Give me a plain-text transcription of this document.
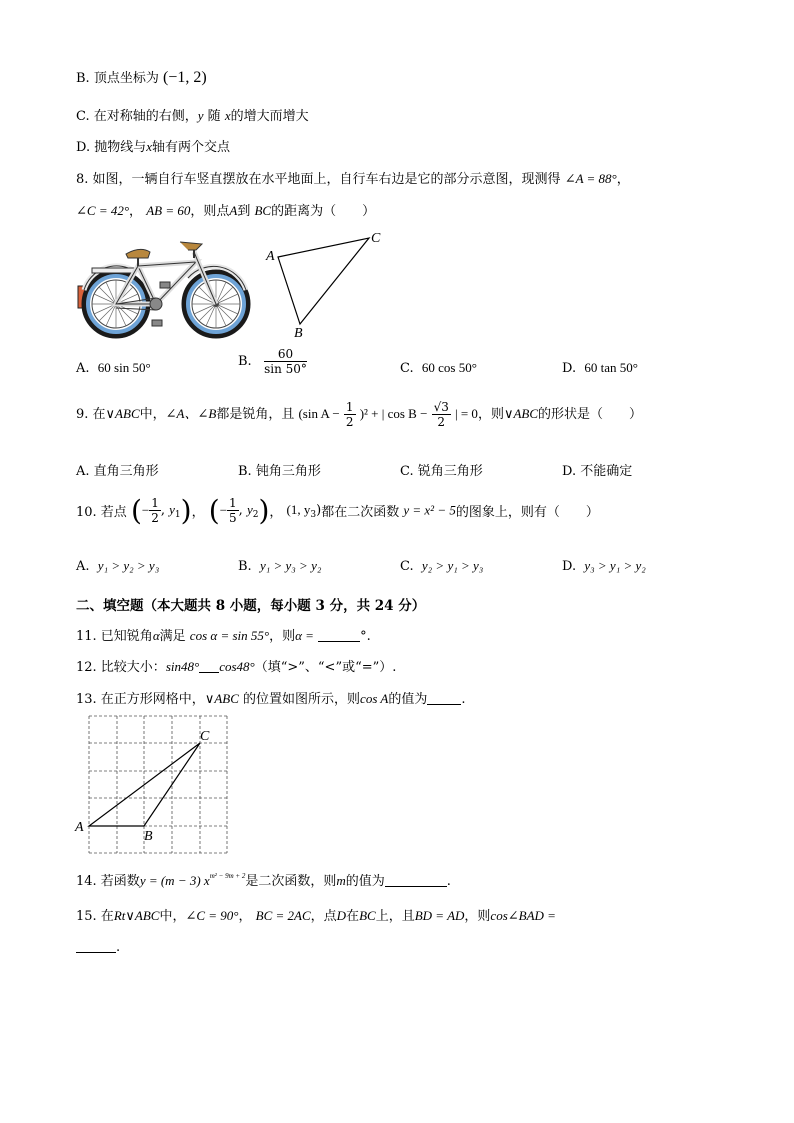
B. 顶点坐标为 (−1, 2)
C. 在对称轴的右侧，y 随 x的增大而增大
D. 抛物线与x轴有两个交点
8. 如图，一辆自行车竖直摆放在水平地面上，自行车右边是它的部分示意图，现测得 ∠A = 88°，
∠C = 42°， AB = 60，则点A到 BC的距离为（　　）
A
C
B
A. 60 sin 50°	B. $\frac{60}{\sin 50^\circ}$	C. 60 cos 50°	D. 60 tan 50°
9. 在∨ABC中，∠A、∠B都是锐角，且 (sin $A - \frac{1}{2} )^2$ + | $\cos B - \frac{√3}{2}$ | = 0，则∨ABC的形状是（　　）
A. 直角三角形	B. 钝角三角形	C. 锐角三角形	D. 不能确定
10. 若点 (− $\frac{1}{2}$ , $y_1$)， (− $\frac{1}{5}$ , $y_2$)， (1, $y_3$)都在二次函数 y = x² − 5的图象上，则有（　　）
A. y₁ > y₂ > y₃	B. y₁ > y₃ > y₂	C. y₂ > y₁ > y₃	D. y₃ > y₁ > y₂
二、填空题（本大题共 8 小题，每小题 3 分，共 24 分）
11. 已知锐角α满足 cos α = sin 55°，则α =	°.
12. 比较大小：sin48° cos48°（填“>”、“<”或“=”）.
13. 在正方形网格中，∨ABC 的位置如图所示，则cos A的值为	.
A
B
C
14. 若函数y = (m − 3) $x^{m^2 - 9m + 2}$是二次函数，则m的值为	.
15. 在Rt∨ABC中，∠C = 90°， BC = 2AC，点D在BC上，且BD = AD，则cos∠BAD =
.
